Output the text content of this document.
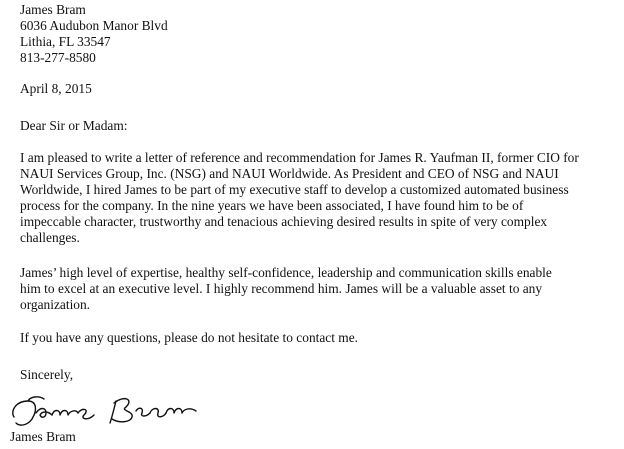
James Bram
6036 Audubon Manor Blvd
Lithia, FL 33547
813-277-8580
April 8, 2015
Dear Sir or Madam:
I am pleased to write a letter of reference and recommendation for James R. Yaufman II, former CIO for
NAUI Services Group, Inc. (NSG) and NAUI Worldwide. As President and CEO of NSG and NAUI
Worldwide, I hired James to be part of my executive staff to develop a customized automated business
process for the company. In the nine years we have been associated, I have found him to be of
impeccable character, trustworthy and tenacious achieving desired results in spite of very complex
challenges.
James’ high level of expertise, healthy self-confidence, leadership and communication skills enable
him to excel at an executive level. I highly recommend him. James will be a valuable asset to any
organization.
If you have any questions, please do not hesitate to contact me.
Sincerely,
James Bram
